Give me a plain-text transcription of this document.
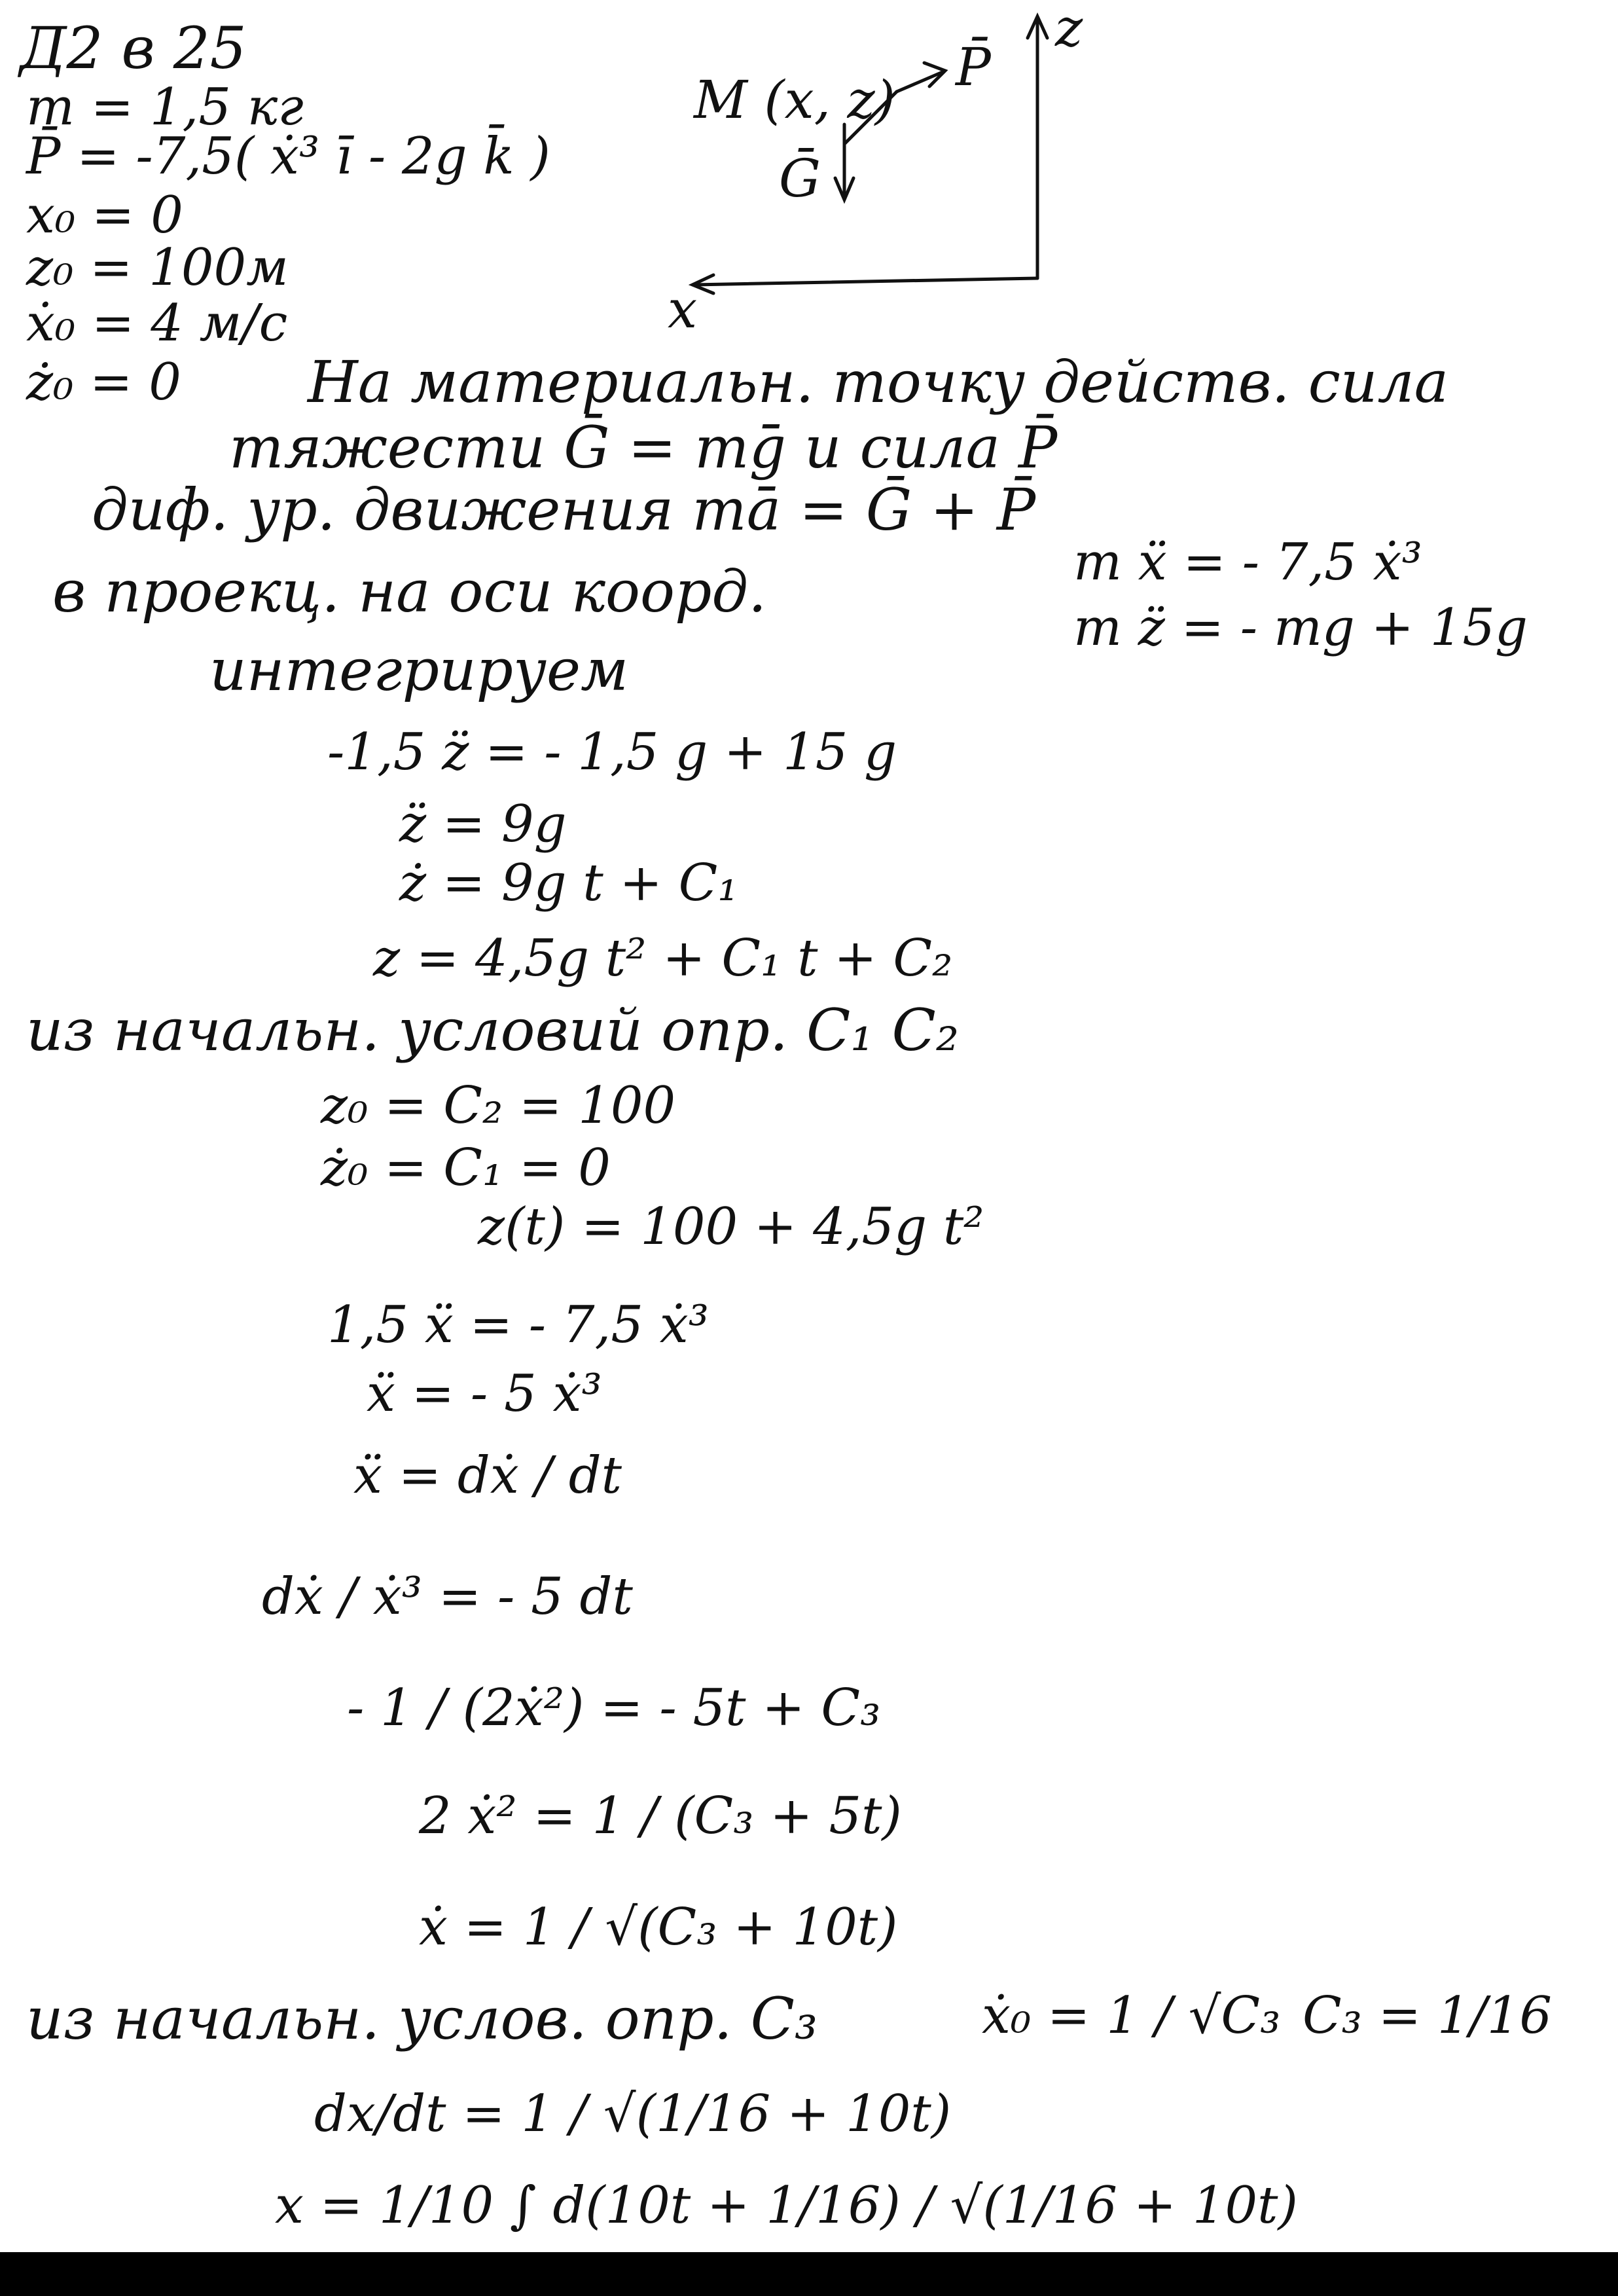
Д2 в 25
m = 1,5 кг
P̄ = -7,5( ẋ³ ī - 2g k̄ )
x₀ = 0
z₀ = 100м
ẋ₀ = 4 м/с
ż₀ = 0
M (x, z)
P̄
Ḡ
z
x
На материальн. точку действ. сила
тяжести Ḡ = mḡ и сила P̄
диф. ур. движения mā = Ḡ + P̄
в проекц. на оси коорд.	m ẍ = - 7,5 ẋ³
m z̈ = - mg + 15g
интегрируем
-1,5 z̈ = - 1,5 g + 15 g
z̈ = 9g
ż = 9g t + C₁
z = 4,5g t² + C₁ t + C₂
из начальн. условий опр. C₁ C₂
z₀ = C₂ = 100
ż₀ = C₁ = 0
z(t) = 100 + 4,5g t²
1,5 ẍ = - 7,5 ẋ³
ẍ = - 5 ẋ³
ẍ = dẋ / dt
dẋ / ẋ³ = - 5 dt
- 1 / (2ẋ²) = - 5t + C₃
2 ẋ² = 1 / (C₃ + 5t)
ẋ = 1 / √(C₃ + 10t)
из начальн. услов. опр. C₃	ẋ₀ = 1 / √C₃ C₃ = 1/16
dx/dt = 1 / √(1/16 + 10t)
x = 1/10 ∫ d(10t + 1/16) / √(1/16 + 10t)
